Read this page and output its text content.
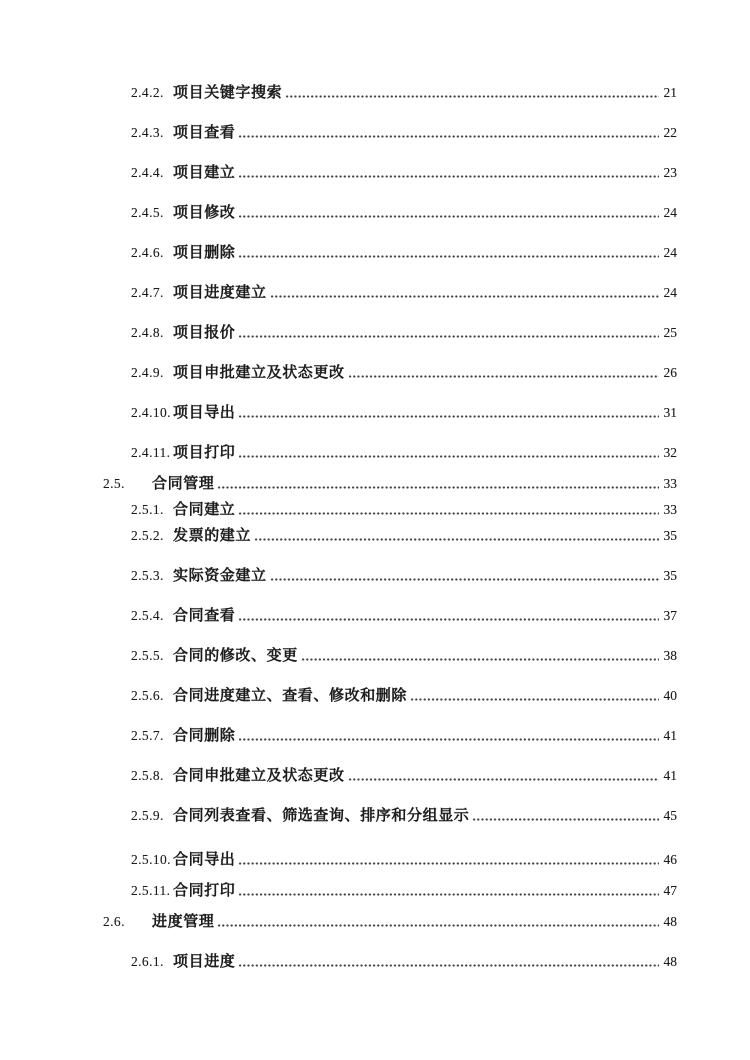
2.4.2. 项目关键字搜索	21
2.4.3. 项目查看	22
2.4.4. 项目建立	23
2.4.5. 项目修改	24
2.4.6. 项目删除	24
2.4.7. 项目进度建立	24
2.4.8. 项目报价	25
2.4.9. 项目申批建立及状态更改	26
2.4.10. 项目导出	31
2.4.11. 项目打印	32
2.5.	合同管理	33
2.5.1. 合同建立	33
2.5.2. 发票的建立	35
2.5.3. 实际资金建立	35
2.5.4. 合同查看	37
2.5.5. 合同的修改、变更	38
2.5.6. 合同进度建立、查看、修改和删除	40
2.5.7. 合同删除	41
2.5.8. 合同申批建立及状态更改	41
2.5.9. 合同列表查看、筛选查询、排序和分组显示	45
2.5.10. 合同导出	46
2.5.11. 合同打印	47
2.6.	进度管理	48
2.6.1. 项目进度	48
